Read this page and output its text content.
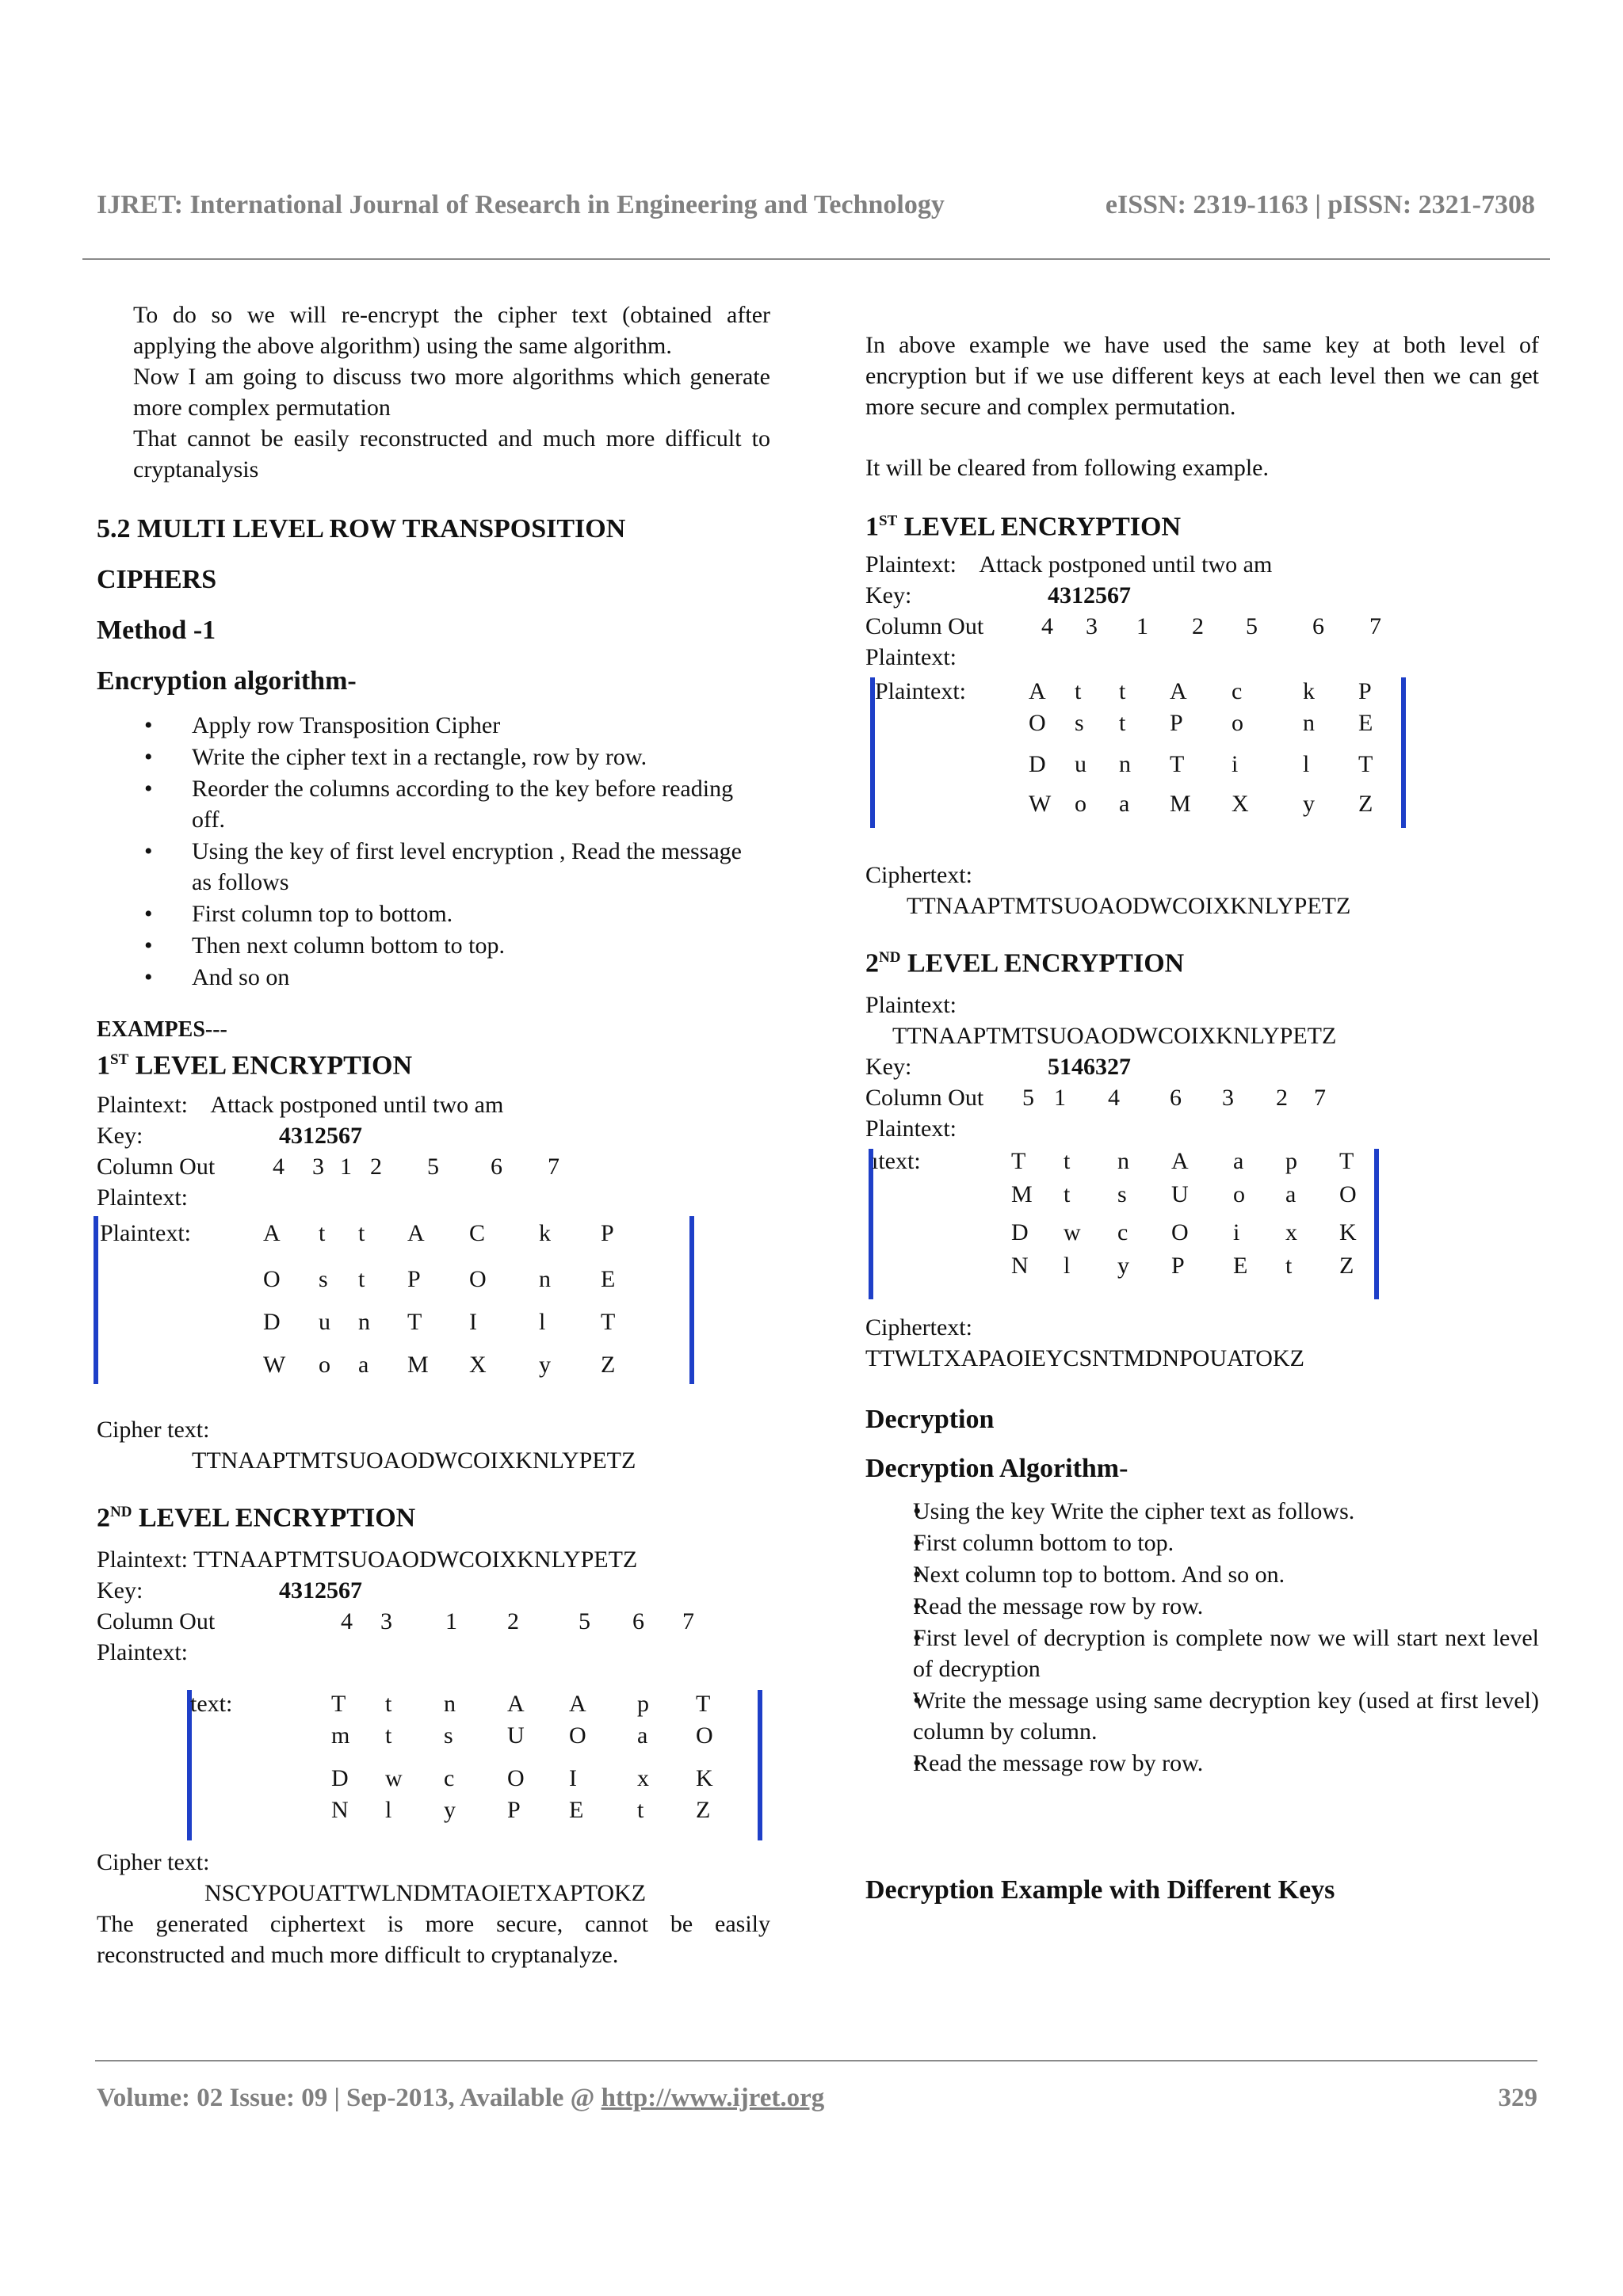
IJRET: International Journal of Research in Engineering and Technology	eISSN: 2319-1163 | pISSN: 2321-7308

To do so we will re-encrypt the cipher text (obtained after applying the above algorithm) using the same algorithm.

Now I am going to discuss two more algorithms which generate more complex permutation

That cannot be easily reconstructed and much more difficult to cryptanalysis

5.2 MULTI LEVEL ROW TRANSPOSITION
CIPHERS
Method -1
Encryption algorithm-
• Apply row Transposition Cipher
• Write the cipher text in a rectangle, row by row.
• Reorder the columns according to the key before reading off.
• Using the key of first level encryption , Read the message as follows
• First column top to bottom.
• Then next column bottom to top.
• And so on

EXAMPES---

1ST LEVEL ENCRYPTION

Plaintext: Attack postponed until two am

Key:	4312567

Column Out 4 3 1 2 5 6 7

Plaintext:

Plaintext:	A t t A C k P
O s t P O n E
D u n T I	l T
W o a M X y Z

Cipher text:

TTNAAPTMTSUOAODWCOIXKNLYPETZ

2ND LEVEL ENCRYPTION

Plaintext: TTNAAPTMTSUOAODWCOIXKNLYPETZ

Key:	4312567

Column Out	4 3 1 2	5 6 7

Plaintext:

text:	T t n A A p T
m t s U O a O
D w c O I	x K
N l y P E t Z

Cipher text:

NSCYPOUATTWLNDMTAOIETXAPTOKZ

The generated ciphertext is more secure, cannot be easily reconstructed and much more difficult to cryptanalyze.

In above example we have used the same key at both level of encryption but if we use different keys at each level then we can get more secure and complex permutation.

It will be cleared from following example.

1ST LEVEL ENCRYPTION

Plaintext: Attack postponed until two am

Key:	4312567

Column Out 4 3 1 2 5 6 7

Plaintext:

Plaintext:	A t t A c	k P
O s t P o	n E
D u n T i	l T
W o a M X y Z

Ciphertext:

TTNAAPTMTSUOAODWCOIXKNLYPETZ

2ND LEVEL ENCRYPTION

Plaintext:

TTNAAPTMTSUOAODWCOIXKNLYPETZ

Key:	5146327

Column Out 5 1 4 6 3 2 7

Plaintext:

ıtext:	T t n A a p T
M t s U o a O
D w c O i x K
N l y P E t Z

Ciphertext:

TTWLTXAPAOIEYCSNTMDNPOUATOKZ

Decryption
Decryption Algorithm-
• Using the key Write the cipher text as follows.
• First column bottom to top.
• Next column top to bottom. And so on.
• Read the message row by row.
• First level of decryption is complete now we will start next level of decryption
• Write the message using same decryption key (used at first level) column by column.
• Read the message row by row.
Decryption Example with Different Keys
Volume: 02 Issue: 09 | Sep-2013, Available @ http://www.ijret.org	329
